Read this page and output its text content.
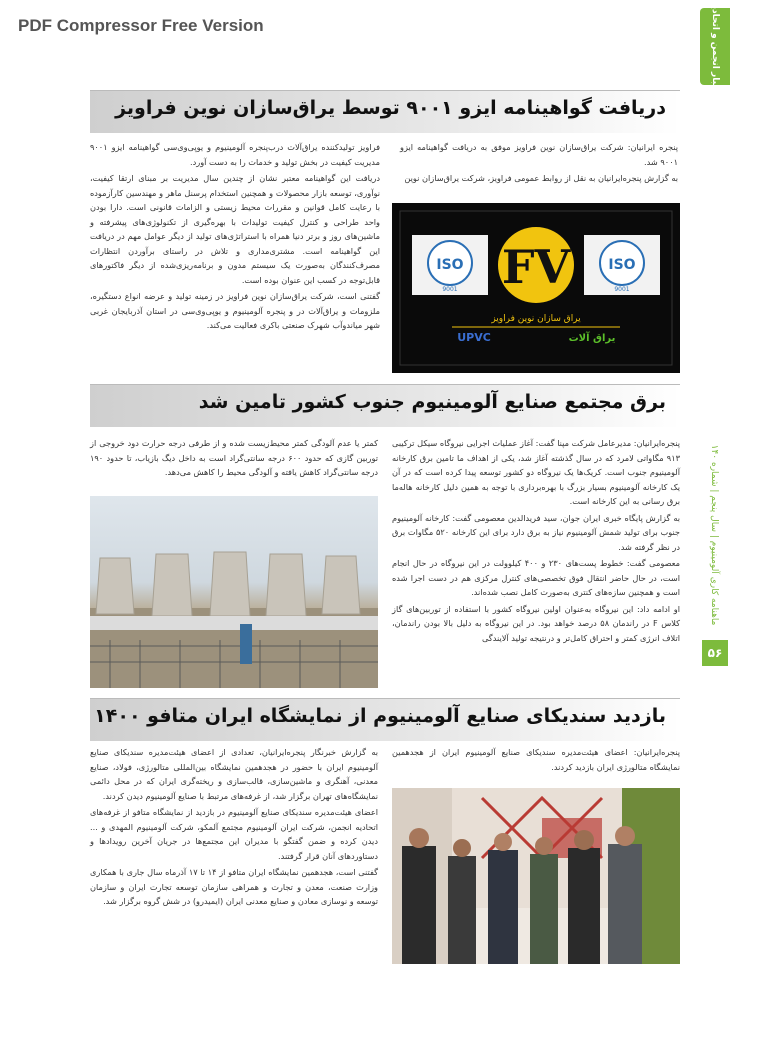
PDF Compressor Free Version	اخبار انجمن و اتحادیه
ماهنامه کاری آلومینیوم | سال پنجم | شماره ۱۴۰
۵۶
دریافت گواهینامه ایزو ۹۰۰۱ توسط یراق‌سازان نوین فراویز

پنجره ایرانیان: شرکت یراق‌سازان نوین فراویز موفق به دریافت گواهینامه ایزو ۹۰۰۱ شد.

به گزارش پنجره‌ایرانیان به نقل از روابط عمومی فراویز، شرکت یراق‌سازان نوین

فراویز تولیدکننده یراق‌آلات درب‌پنجره آلومینیوم و یو‌پی‌وی‌سی گواهینامه ایزو ۹۰۰۱ مدیریت کیفیت در بخش تولید و خدمات را به دست آورد.

دریافت این گواهینامه معتبر نشان از چندین سال مدیریت بر مبنای ارتقا کیفیت، نوآوری، توسعه بازار محصولات و همچنین استخدام پرسنل ماهر و مهندسین کارآزموده با رعایت کامل قوانین و مقررات محیط زیستی و الزامات قانونی است. دارا بودن واحد طراحی و کنترل کیفیت تولیدات با بهره‌گیری از تکنولوژی‌های پیشرفته و ماشین‌های روز و برتر دنیا همراه با استراتژی‌های تولید از دیگر عوامل مهم در دریافت این گواهینامه است. مشتری‌مداری و تلاش در راستای برآوردن انتظارات مصرف‌کنندگان به‌صورت یک سیستم مدون و برنامه‌ریزی‌شده از دیگر فاکتورهای قابل‌توجه در کسب این عنوان بوده است.

گفتنی است، شرکت یراق‌سازان نوین فراویز در زمینه تولید و عرضه انواع دستگیره، ملزومات و یراق‌آلات در و پنجره آلومینیوم و یو‌پی‌وی‌سی در استان آذربایجان غربی شهر میاندوآب شهرک صنعتی باکری فعالیت می‌کند.

ISO
9001
ISO
9001
FV
یراق سازان نوین فراویز
UPVC	یراق آلات
برق مجتمع صنایع آلومینیوم جنوب کشور تامین شد

پنجره‌ایرانیان: مدیرعامل شرکت مپنا گفت: آغاز عملیات اجرایی نیروگاه سیکل ترکیبی ۹۱۳ مگاواتی لامرد که در سال گذشته آغاز شد، یکی از اهداف ما تامین برق کارخانه آلومینیوم جنوب است. کریک‌ها یک نیروگاه دو کشور توسعه پیدا کرده است که در آن یک کارخانه آلومینیوم بسیار بزرگ با بهره‌برداری با توجه به همین دلیل کارخانه هاله‌ما برق رسانی به این کارخانه است.

به گزارش پایگاه خبری ایران جوان، سید فریدالدین معصومی گفت: کارخانه آلومینیوم جنوب برای تولید شمش آلومینیوم نیاز به برق دارد برای این کارخانه ۵۲۰ مگاوات برق در نظر گرفته شد.

معصومی گفت: خطوط پست‌های ۲۳۰ و ۴۰۰ کیلوولت در این نیروگاه در حال انجام است، در حال حاضر انتقال فوق تخصصی‌های کنترل مرکزی هم در دست اجرا شده است و همچنین سازه‌های کنتری به‌صورت کامل نصب شده‌اند.

او ادامه داد: این نیروگاه به‌عنوان اولین نیروگاه کشور با استفاده از توربین‌های گاز کلاس F در راندمان ۵۸ درصد خواهد بود. در این نیروگاه به دلیل بالا بودن راندمان، اتلاف انرژی کمتر و احتراق کامل‌تر و درنتیجه تولید آلایندگی

کمتر یا عدم آلودگی کمتر محیط‌زیست شده و از طرفی درجه حرارت دود خروجی از توربین گازی که حدود ۶۰۰ درجه سانتی‌گراد است به داخل دیگ بازیاب، تا حدود ۱۹۰ درجه سانتی‌گراد کاهش یافته و آلودگی محیط را کاهش می‌دهد.

بازدید سندیکای صنایع آلومینیوم از نمایشگاه ایران متافو ۱۴۰۰

پنجره‌ایرانیان: اعضای هیئت‌مدیره سندیکای صنایع آلومینیوم ایران از هجدهمین نمایشگاه متالورژی ایران بازدید کردند.

به گزارش خبرنگار پنجره‌ایرانیان، تعدادی از اعضای هیئت‌مدیره سندیکای صنایع آلومینیوم ایران با حضور در هجدهمین نمایشگاه بین‌المللی متالورژی، فولاد، صنایع معدنی، آهنگری و ماشین‌سازی، قالب‌سازی و ریخته‌گری ایران که در محل دائمی نمایشگاه‌های تهران برگزار شد، از غرفه‌های مرتبط با صنایع آلومینیوم دیدن کردند.

اعضای هیئت‌مدیره سندیکای صنایع آلومینیوم در بازدید از نمایشگاه متافو از غرفه‌های اتحادیه انجمن، شرکت ایران آلومینیوم مجتمع آلمکو، شرکت آلومینیوم المهدی و ... دیدن کرده و ضمن گفتگو با مدیران این مجتمع‌ها در جریان آخرین رویدادها و دستاوردهای آنان قرار گرفتند.

گفتنی است، هجدهمین نمایشگاه ایران متافو از ۱۴ تا ۱۷ آذرماه سال جاری با همکاری وزارت صنعت، معدن و تجارت و همراهی سازمان توسعه تجارت ایران و سازمان توسعه و نوسازی معادن و صنایع معدنی ایران (ایمیدرو) در شش گروه برگزار شد.
